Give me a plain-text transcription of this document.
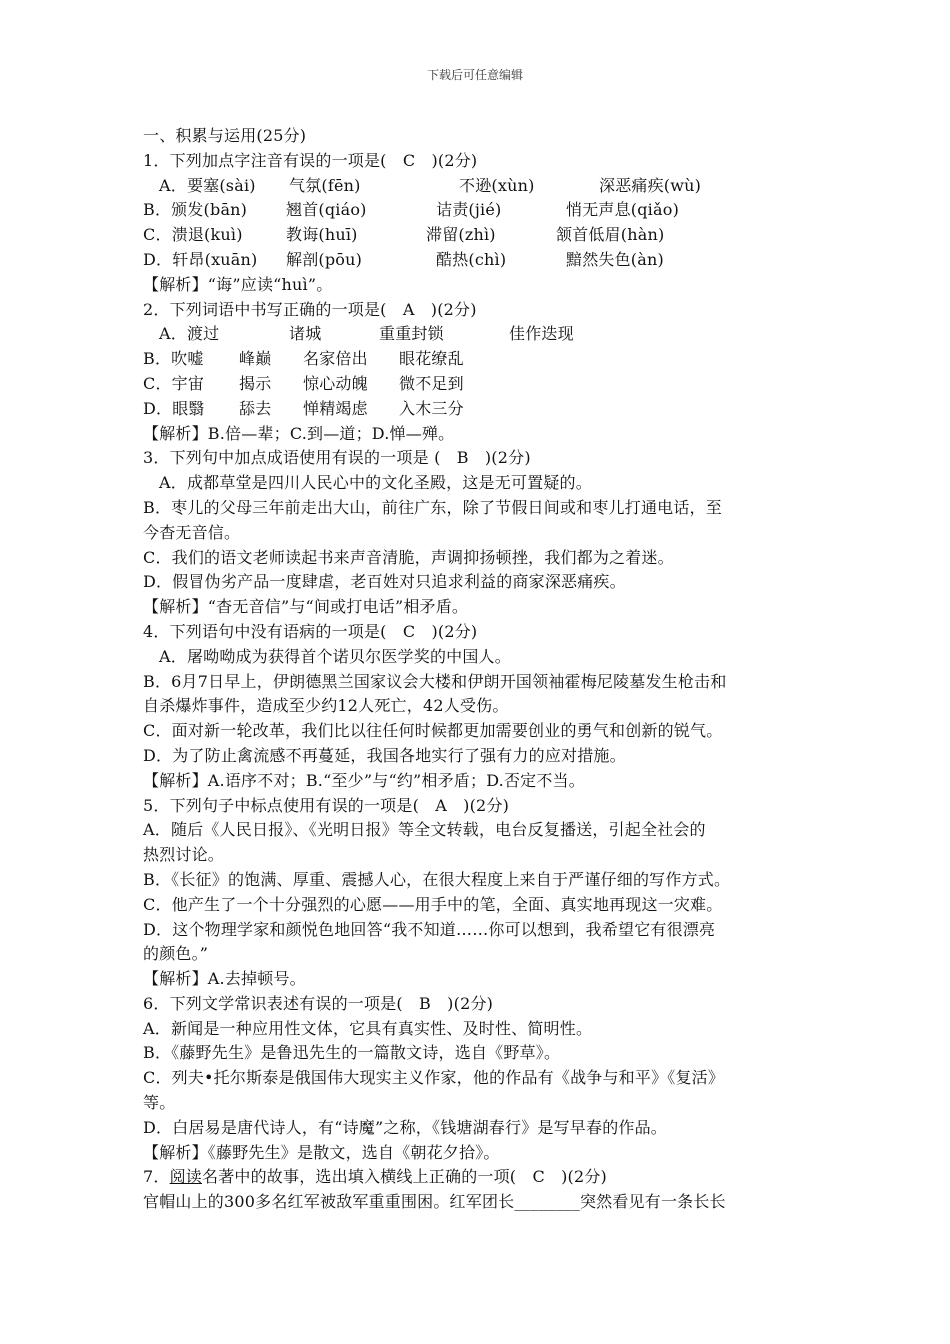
下载后可任意编辑

一、积累与运用(25分)

1．下列加点字注音有误的一项是(　C　)(2分)

A．要塞(sài)	气氛(fēn)	不逊(xùn)	深恶痛疾(wù)
B．颁发(bān)	翘首(qiáo)	诘责(jié)	悄无声息(qiǎo)
C．溃退(kuì)	教诲(huī)	滞留(zhì)	颔首低眉(hàn)
D．轩昂(xuān)	解剖(pōu)	酷热(chì)	黯然失色(àn)

【解析】“诲”应读“huì”。

2．下列词语中书写正确的一项是(　A　)(2分)

A．渡过	诸城	重重封锁	佳作迭现
B．吹嘘	峰巅	名家倍出	眼花缭乱
C．宇宙	揭示	惊心动魄	微不足到
D．眼翳	舔去	惮精竭虑	入木三分

【解析】B.倍—辈；C.到—道；D.惮—殚。

3．下列句中加点成语使用有误的一项是 (　B　)(2分)

A．成都草堂是四川人民心中的文化圣殿，这是无可置疑的。

B．枣儿的父母三年前走出大山，前往广东，除了节假日间或和枣儿打通电话，至

今杳无音信。

C．我们的语文老师读起书来声音清脆，声调抑扬顿挫，我们都为之着迷。

D．假冒伪劣产品一度肆虐，老百姓对只追求利益的商家深恶痛疾。

【解析】“杳无音信”与“间或打电话”相矛盾。

4．下列语句中没有语病的一项是(　C　)(2分)

A．屠呦呦成为获得首个诺贝尔医学奖的中国人。

B．6月7日早上，伊朗德黑兰国家议会大楼和伊朗开国领袖霍梅尼陵墓发生枪击和

自杀爆炸事件，造成至少约12人死亡，42人受伤。

C．面对新一轮改革，我们比以往任何时候都更加需要创业的勇气和创新的锐气。

D．为了防止禽流感不再蔓延，我国各地实行了强有力的应对措施。

【解析】A.语序不对；B.“至少”与“约”相矛盾；D.否定不当。

5．下列句子中标点使用有误的一项是(　A　)(2分)

A．随后《人民日报》、《光明日报》等全文转载，电台反复播送，引起全社会的

热烈讨论。

B．《长征》的饱满、厚重、震撼人心，在很大程度上来自于严谨仔细的写作方式。

C．他产生了一个十分强烈的心愿——用手中的笔，全面、真实地再现这一灾难。

D．这个物理学家和颜悦色地回答“我不知道……你可以想到，我希望它有很漂亮

的颜色。”

【解析】A.去掉顿号。

6．下列文学常识表述有误的一项是(　B　)(2分)

A．新闻是一种应用性文体，它具有真实性、及时性、简明性。

B．《藤野先生》是鲁迅先生的一篇散文诗，选自《野草》。

C．列夫•托尔斯泰是俄国伟大现实主义作家，他的作品有《战争与和平》《复活》

等。

D．白居易是唐代诗人，有“诗魔”之称，《钱塘湖春行》是写早春的作品。

【解析】《藤野先生》是散文，选自《朝花夕拾》。

7．阅读名著中的故事，选出填入横线上正确的一项(　C　)(2分)

官帽山上的300多名红军被敌军重重围困。红军团长________突然看见有一条长长
